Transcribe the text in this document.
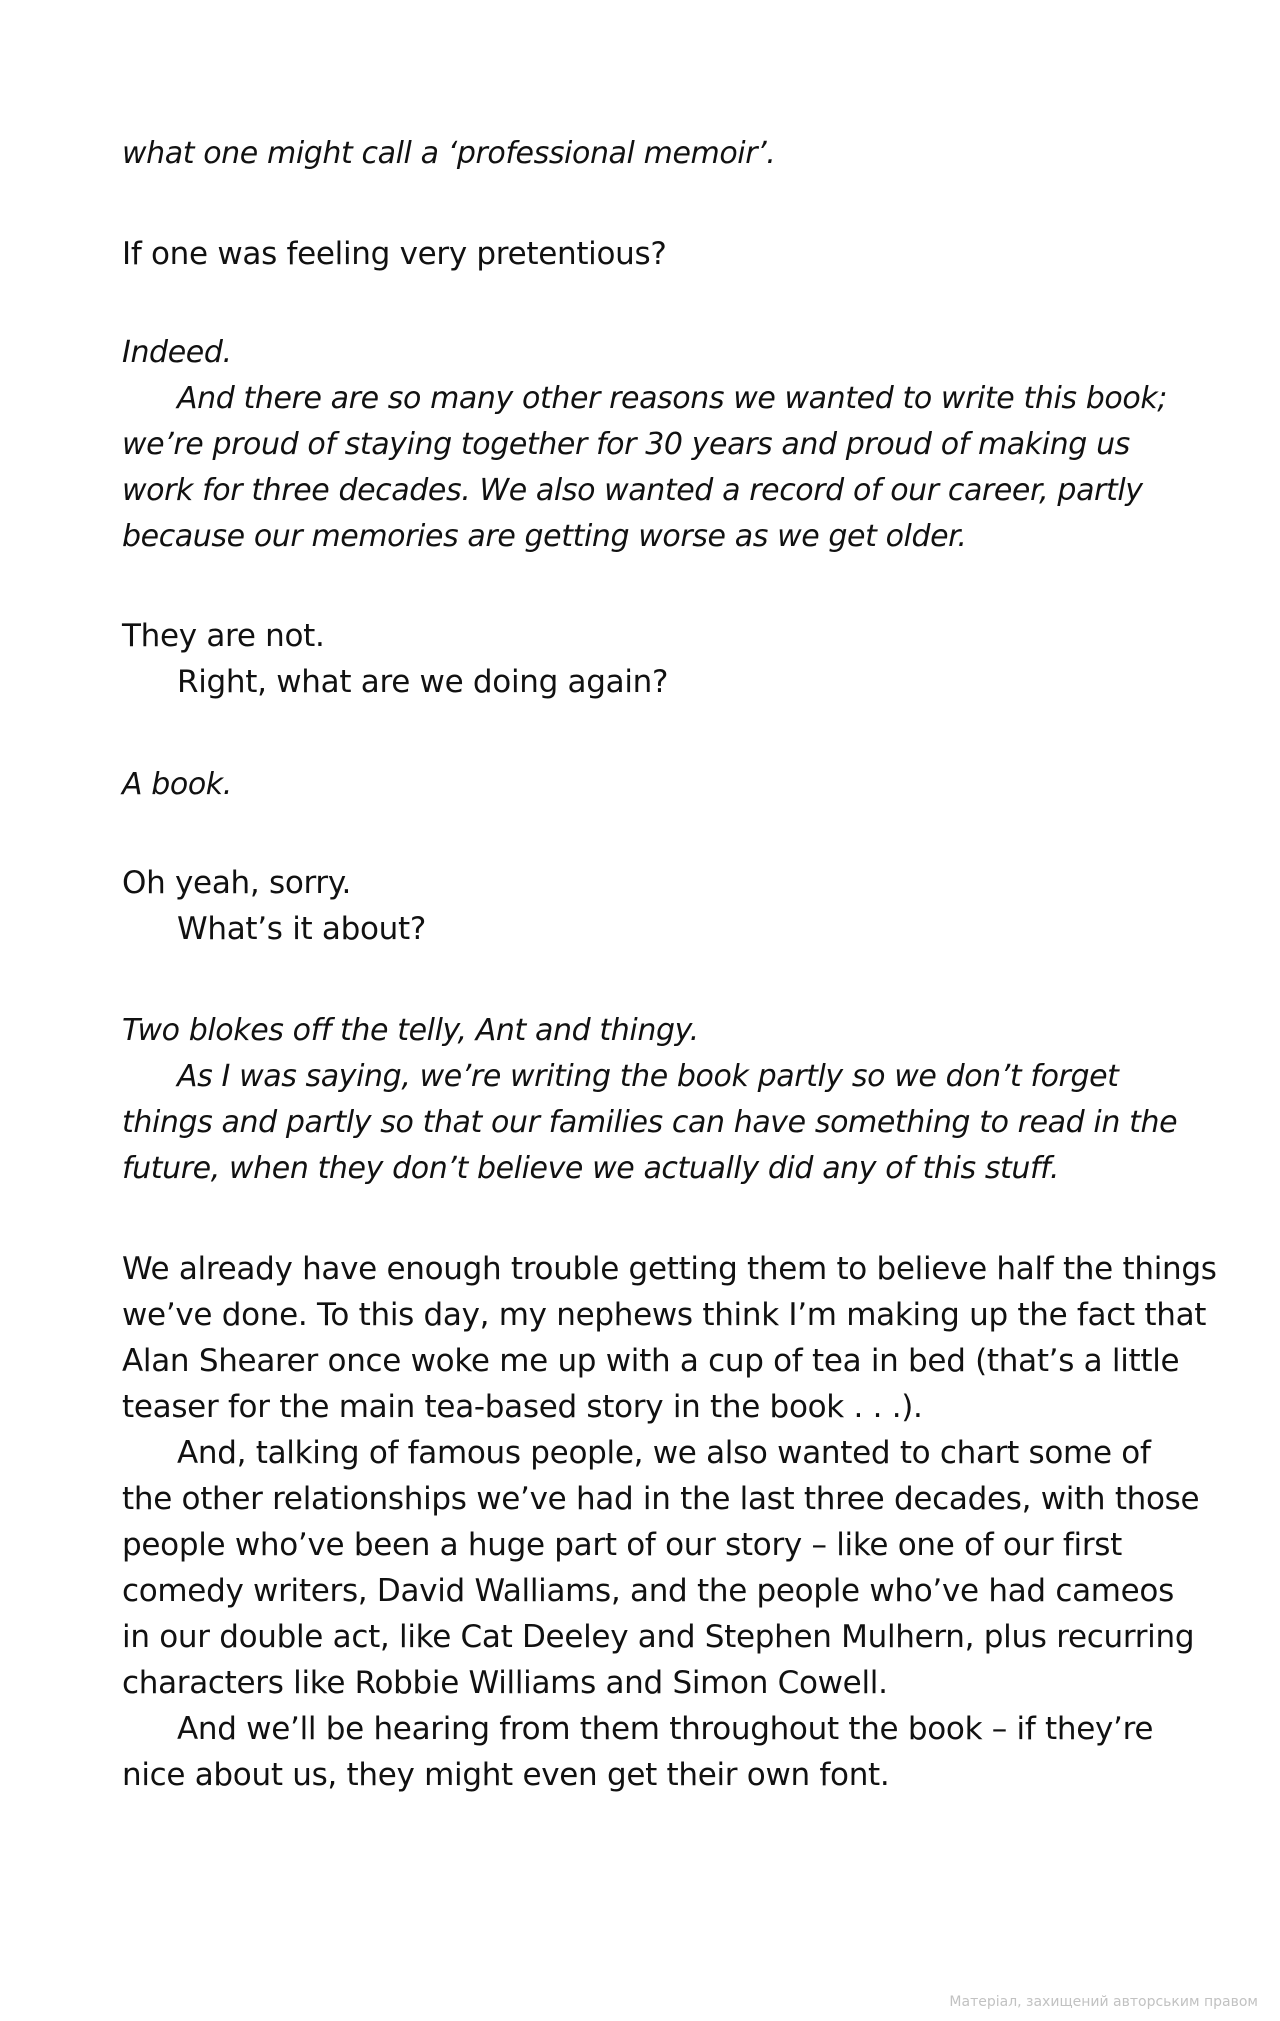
what one might call a ‘professional memoir’.
If one was feeling very pretentious?
Indeed.
And there are so many other reasons we wanted to write this book;
we’re proud of staying together for 30 years and proud of making us
work for three decades. We also wanted a record of our career, partly
because our memories are getting worse as we get older.
They are not.
Right, what are we doing again?
A book.
Oh yeah, sorry.
What’s it about?
Two blokes off the telly, Ant and thingy.
As I was saying, we’re writing the book partly so we don’t forget
things and partly so that our families can have something to read in the
future, when they don’t believe we actually did any of this stuff.
We already have enough trouble getting them to believe half the things
we’ve done. To this day, my nephews think I’m making up the fact that
Alan Shearer once woke me up with a cup of tea in bed (that’s a little
teaser for the main tea-based story in the book . . .).
And, talking of famous people, we also wanted to chart some of
the other relationships we’ve had in the last three decades, with those
people who’ve been a huge part of our story – like one of our first
comedy writers, David Walliams, and the people who’ve had cameos
in our double act, like Cat Deeley and Stephen Mulhern, plus recurring
characters like Robbie Williams and Simon Cowell.
And we’ll be hearing from them throughout the book – if they’re
nice about us, they might even get their own font.
Матеріал, захищений авторським правом
